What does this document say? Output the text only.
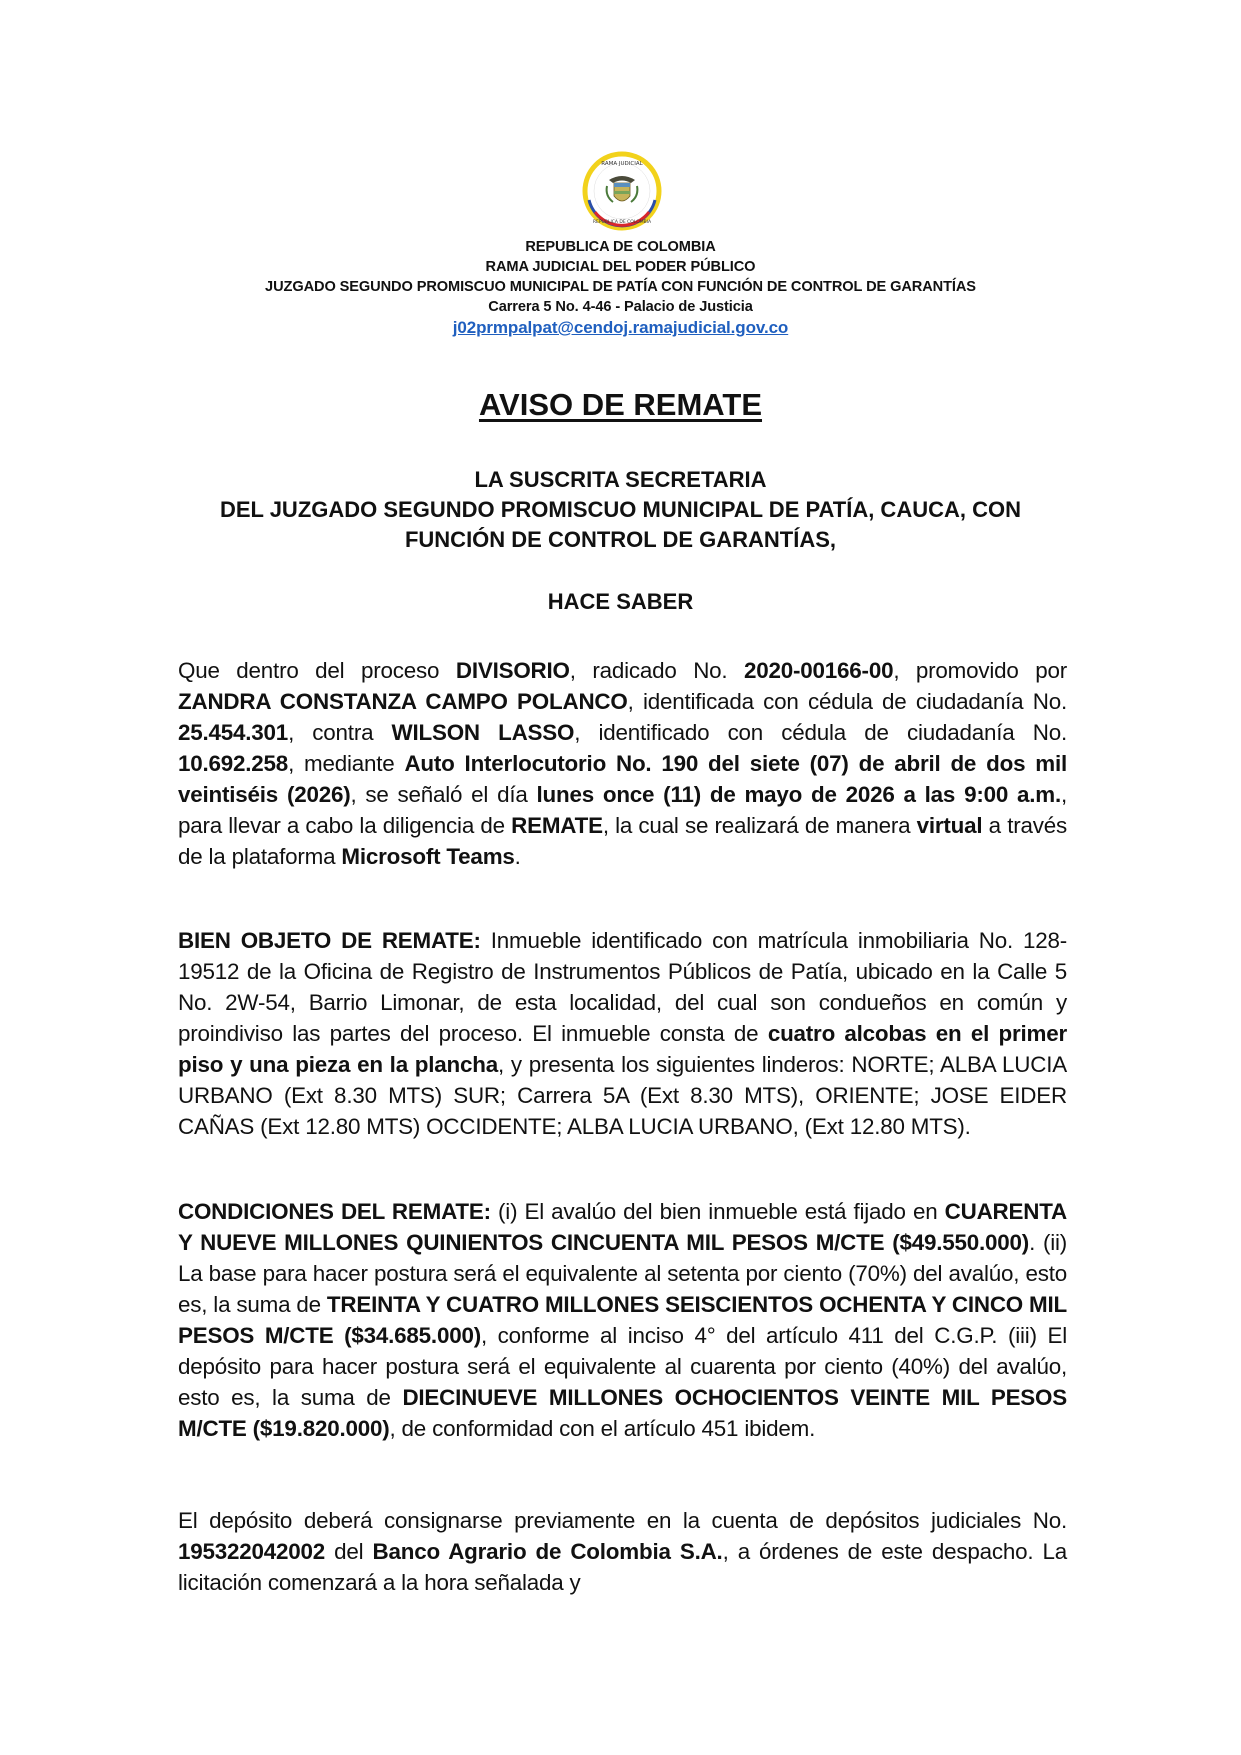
RAMA JUDICIAL
REPÚBLICA DE COLOMBIA
REPUBLICA DE COLOMBIA
RAMA JUDICIAL DEL PODER PÚBLICO
JUZGADO SEGUNDO PROMISCUO MUNICIPAL DE PATÍA CON FUNCIÓN DE CONTROL DE GARANTÍAS
Carrera 5 No. 4-46 - Palacio de Justicia
j02prmpalpat@cendoj.ramajudicial.gov.co
AVISO DE REMATE
LA SUSCRITA SECRETARIA
DEL JUZGADO SEGUNDO PROMISCUO MUNICIPAL DE PATÍA, CAUCA, CON
FUNCIÓN DE CONTROL DE GARANTÍAS,
HACE SABER
Que dentro del proceso DIVISORIO, radicado No. 2020-00166-00, promovido por ZANDRA CONSTANZA CAMPO POLANCO, identificada con cédula de ciudadanía No. 25.454.301, contra WILSON LASSO, identificado con cédula de ciudadanía No. 10.692.258, mediante Auto Interlocutorio No. 190 del siete (07) de abril de dos mil veintiséis (2026), se señaló el día lunes once (11) de mayo de 2026 a las 9:00 a.m., para llevar a cabo la diligencia de REMATE, la cual se realizará de manera virtual a través de la plataforma Microsoft Teams.
BIEN OBJETO DE REMATE: Inmueble identificado con matrícula inmobiliaria No. 128-19512 de la Oficina de Registro de Instrumentos Públicos de Patía, ubicado en la Calle 5 No. 2W-54, Barrio Limonar, de esta localidad, del cual son condueños en común y proindiviso las partes del proceso. El inmueble consta de cuatro alcobas en el primer piso y una pieza en la plancha, y presenta los siguientes linderos: NORTE; ALBA LUCIA URBANO (Ext 8.30 MTS) SUR; Carrera 5A (Ext 8.30 MTS), ORIENTE; JOSE EIDER CAÑAS (Ext 12.80 MTS) OCCIDENTE; ALBA LUCIA URBANO, (Ext 12.80 MTS).
CONDICIONES DEL REMATE: (i) El avalúo del bien inmueble está fijado en CUARENTA Y NUEVE MILLONES QUINIENTOS CINCUENTA MIL PESOS M/CTE ($49.550.000). (ii) La base para hacer postura será el equivalente al setenta por ciento (70%) del avalúo, esto es, la suma de TREINTA Y CUATRO MILLONES SEISCIENTOS OCHENTA Y CINCO MIL PESOS M/CTE ($34.685.000), conforme al inciso 4° del artículo 411 del C.G.P. (iii) El depósito para hacer postura será el equivalente al cuarenta por ciento (40%) del avalúo, esto es, la suma de DIECINUEVE MILLONES OCHOCIENTOS VEINTE MIL PESOS M/CTE ($19.820.000), de conformidad con el artículo 451 ibidem.
El depósito deberá consignarse previamente en la cuenta de depósitos judiciales No. 195322042002 del Banco Agrario de Colombia S.A., a órdenes de este despacho. La licitación comenzará a la hora señalada y
